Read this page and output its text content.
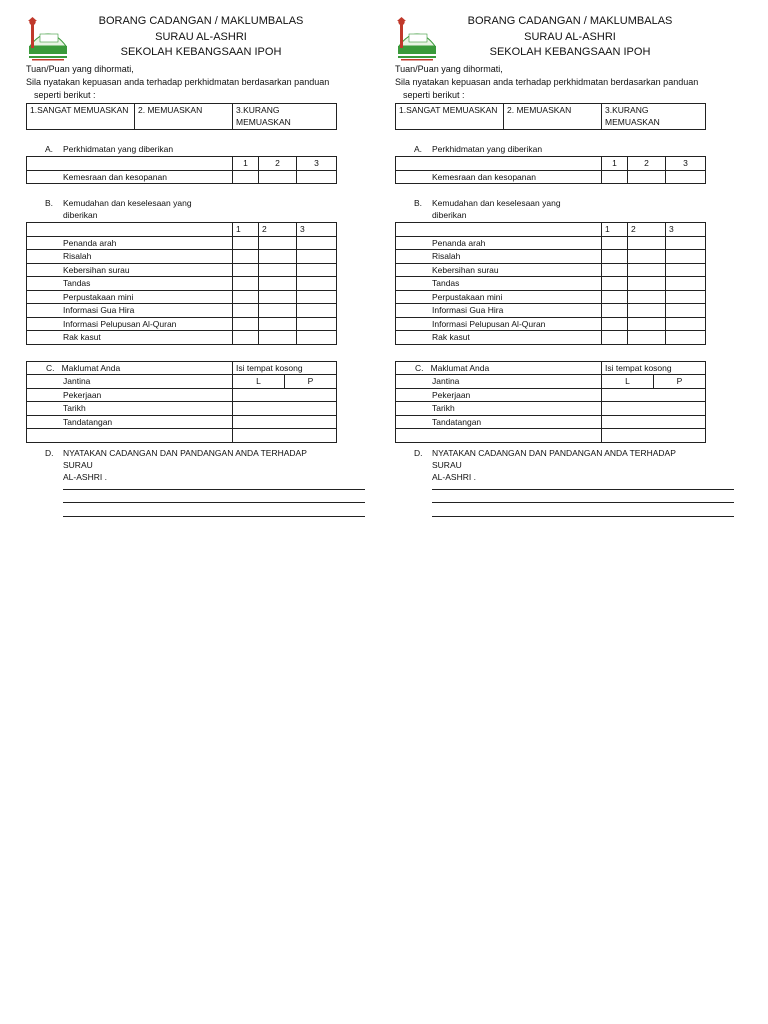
BORANG CADANGAN / MAKLUMBALAS
SURAU AL-ASHRI
SEKOLAH KEBANGSAAN IPOH
Tuan/Puan yang dihormati,
Sila nyatakan kepuasan anda terhadap perkhidmatan berdasarkan panduan
seperti berikut :
1.SANGAT MEMUASKAN	2. MEMUASKAN	3.KURANG MEMUASKAN
A. Perkhidmatan yang diberikan
	1	2	3
Kemesraan dan kesopanan			
B. Kemudahan dan keselesaan yang
diberikan
	1	2	3
Penanda arah			
Risalah			
Kebersihan surau			
Tandas			
Perpustakaan mini			
Informasi Gua Hira			
Informasi Pelupusan Al-Quran			
Rak kasut			
C. Maklumat Anda	Isi tempat kosong	
Jantina	L	P
Pekerjaan		
Tarikh		
Tandatangan		

D. NYATAKAN CADANGAN DAN PANDANGAN ANDA TERHADAP SURAU
AL-ASHRI .
BORANG CADANGAN / MAKLUMBALAS
SURAU AL-ASHRI
SEKOLAH KEBANGSAAN IPOH
Tuan/Puan yang dihormati,
Sila nyatakan kepuasan anda terhadap perkhidmatan berdasarkan panduan
seperti berikut :
1.SANGAT MEMUASKAN	2. MEMUASKAN	3.KURANG MEMUASKAN
A. Perkhidmatan yang diberikan
	1	2	3
Kemesraan dan kesopanan			
B. Kemudahan dan keselesaan yang
diberikan
	1	2	3
Penanda arah			
Risalah			
Kebersihan surau			
Tandas			
Perpustakaan mini			
Informasi Gua Hira			
Informasi Pelupusan Al-Quran			
Rak kasut			
C. Maklumat Anda	Isi tempat kosong	
Jantina	L	P
Pekerjaan		
Tarikh		
Tandatangan		

D. NYATAKAN CADANGAN DAN PANDANGAN ANDA TERHADAP SURAU
AL-ASHRI .
